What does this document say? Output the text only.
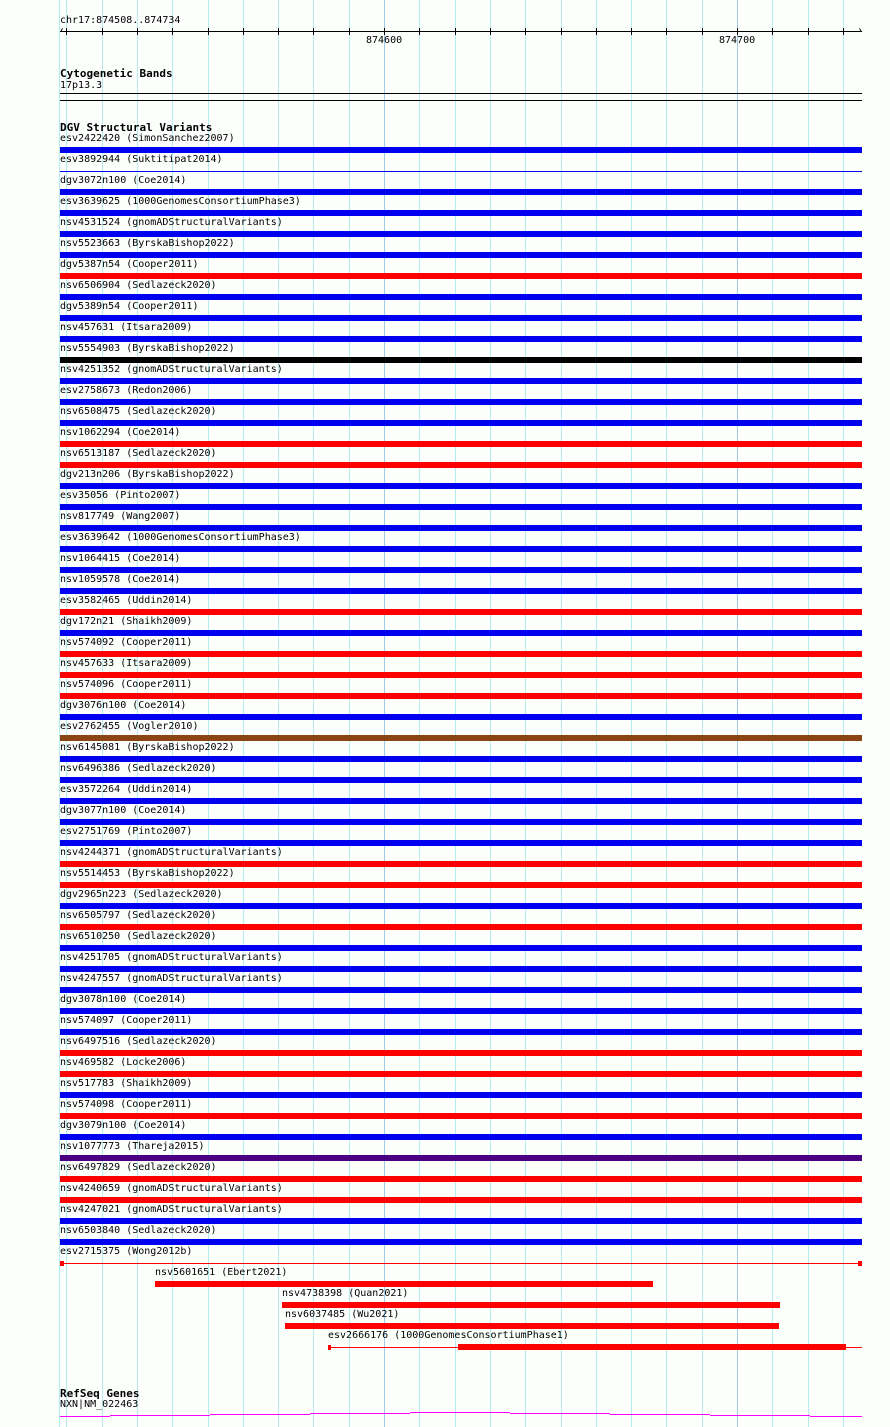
chr17:874508..874734
‹	›
874600	874700
Cytogenetic Bands
17p13.3
DGV Structural Variants
esv2422420 (SimonSanchez2007)
esv3892944 (Suktitipat2014)
dgv3072n100 (Coe2014)
esv3639625 (1000GenomesConsortiumPhase3)
nsv4531524 (gnomADStructuralVariants)
nsv5523663 (ByrskaBishop2022)
dgv5387n54 (Cooper2011)
nsv6506904 (Sedlazeck2020)
dgv5389n54 (Cooper2011)
nsv457631 (Itsara2009)
nsv5554903 (ByrskaBishop2022)
nsv4251352 (gnomADStructuralVariants)
esv2758673 (Redon2006)
nsv6508475 (Sedlazeck2020)
nsv1062294 (Coe2014)
nsv6513187 (Sedlazeck2020)
dgv213n206 (ByrskaBishop2022)
esv35056 (Pinto2007)
nsv817749 (Wang2007)
esv3639642 (1000GenomesConsortiumPhase3)
nsv1064415 (Coe2014)
nsv1059578 (Coe2014)
esv3582465 (Uddin2014)
dgv172n21 (Shaikh2009)
nsv574092 (Cooper2011)
nsv457633 (Itsara2009)
nsv574096 (Cooper2011)
dgv3076n100 (Coe2014)
esv2762455 (Vogler2010)
nsv6145081 (ByrskaBishop2022)
nsv6496386 (Sedlazeck2020)
esv3572264 (Uddin2014)
dgv3077n100 (Coe2014)
esv2751769 (Pinto2007)
nsv4244371 (gnomADStructuralVariants)
nsv5514453 (ByrskaBishop2022)
dgv2965n223 (Sedlazeck2020)
nsv6505797 (Sedlazeck2020)
nsv6510250 (Sedlazeck2020)
nsv4251705 (gnomADStructuralVariants)
nsv4247557 (gnomADStructuralVariants)
dgv3078n100 (Coe2014)
nsv574097 (Cooper2011)
nsv6497516 (Sedlazeck2020)
nsv469582 (Locke2006)
nsv517783 (Shaikh2009)
nsv574098 (Cooper2011)
dgv3079n100 (Coe2014)
nsv1077773 (Thareja2015)
nsv6497829 (Sedlazeck2020)
nsv4240659 (gnomADStructuralVariants)
nsv4247021 (gnomADStructuralVariants)
nsv6503840 (Sedlazeck2020)
esv2715375 (Wong2012b)
nsv5601651 (Ebert2021)
nsv4738398 (Quan2021)
nsv6037485 (Wu2021)
esv2666176 (1000GenomesConsortiumPhase1)
RefSeq Genes
NXN|NM_022463
